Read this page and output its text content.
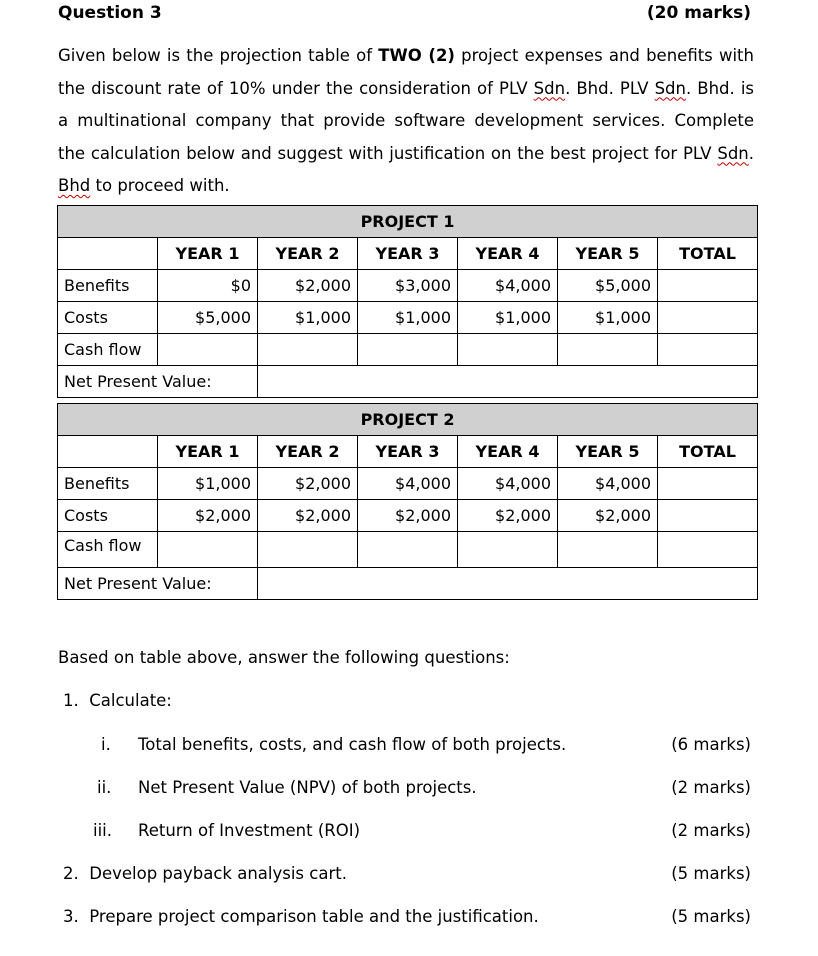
Question 3	(20 marks)
Given below is the projection table of TWO (2) project expenses and benefits with the discount rate of 10% under the consideration of PLV Sdn. Bhd. PLV Sdn. Bhd. is a multinational company that provide software development services. Complete the calculation below and suggest with justification on the best project for PLV Sdn. Bhd to proceed with.
PROJECT 1						
	YEAR 1	YEAR 2	YEAR 3	YEAR 4	YEAR 5	TOTAL
Benefits	$0	$2,000	$3,000	$4,000	$5,000	
Costs	$5,000	$1,000	$1,000	$1,000	$1,000	
Cash flow						
Net Present Value:						
PROJECT 2						
	YEAR 1	YEAR 2	YEAR 3	YEAR 4	YEAR 5	TOTAL
Benefits	$1,000	$2,000	$4,000	$4,000	$4,000	
Costs	$2,000	$2,000	$2,000	$2,000	$2,000	
Cash flow						
Net Present Value:						
Based on table above, answer the following questions:
1. Calculate:
i. Total benefits, costs, and cash flow of both projects.	(6 marks)
ii. Net Present Value (NPV) of both projects.	(2 marks)
iii. Return of Investment (ROI)	(2 marks)
2. Develop payback analysis cart.	(5 marks)
3. Prepare project comparison table and the justification.	(5 marks)
